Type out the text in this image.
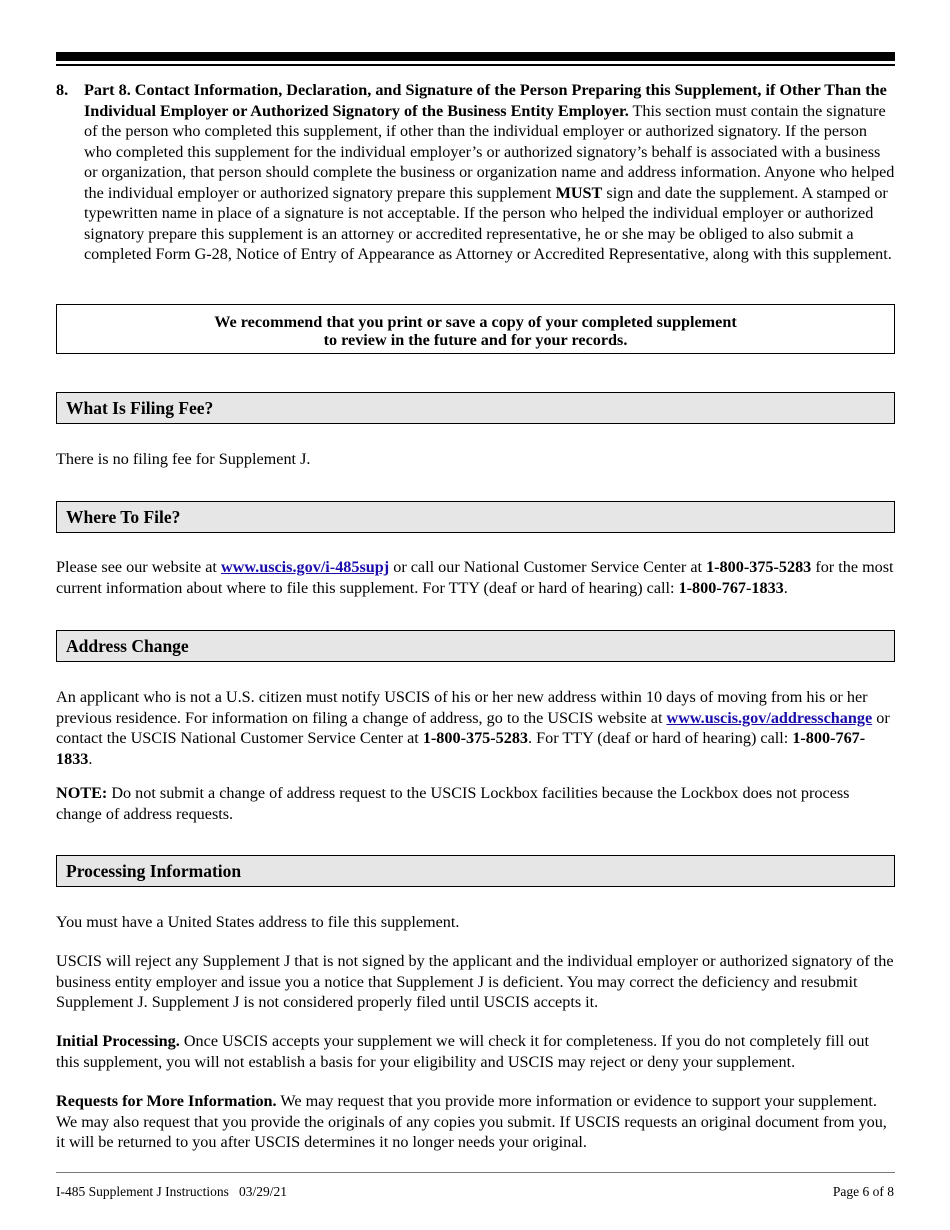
8. Part 8. Contact Information, Declaration, and Signature of the Person Preparing this Supplement, if Other Than the Individual Employer or Authorized Signatory of the Business Entity Employer. This section must contain the signature of the person who completed this supplement, if other than the individual employer or authorized signatory. If the person who completed this supplement for the individual employer’s or authorized signatory’s behalf is associated with a business or organization, that person should complete the business or organization name and address information. Anyone who helped the individual employer or authorized signatory prepare this supplement MUST sign and date the supplement. A stamped or typewritten name in place of a signature is not acceptable. If the person who helped the individual employer or authorized signatory prepare this supplement is an attorney or accredited representative, he or she may be obliged to also submit a completed Form G-28, Notice of Entry of Appearance as Attorney or Accredited Representative, along with this supplement.
We recommend that you print or save a copy of your completed supplement
to review in the future and for your records.
What Is Filing Fee?
There is no filing fee for Supplement J.
Where To File?
Please see our website at www.uscis.gov/i-485supj or call our National Customer Service Center at 1-800-375-5283 for the most current information about where to file this supplement. For TTY (deaf or hard of hearing) call: 1-800-767-1833.
Address Change
An applicant who is not a U.S. citizen must notify USCIS of his or her new address within 10 days of moving from his or her previous residence. For information on filing a change of address, go to the USCIS website at www.uscis.gov/addresschange or contact the USCIS National Customer Service Center at 1-800-375-5283. For TTY (deaf or hard of hearing) call: 1-800-767-1833.
NOTE: Do not submit a change of address request to the USCIS Lockbox facilities because the Lockbox does not process change of address requests.
Processing Information
You must have a United States address to file this supplement.
USCIS will reject any Supplement J that is not signed by the applicant and the individual employer or authorized signatory of the business entity employer and issue you a notice that Supplement J is deficient. You may correct the deficiency and resubmit Supplement J. Supplement J is not considered properly filed until USCIS accepts it.
Initial Processing. Once USCIS accepts your supplement we will check it for completeness. If you do not completely fill out this supplement, you will not establish a basis for your eligibility and USCIS may reject or deny your supplement.
Requests for More Information. We may request that you provide more information or evidence to support your supplement. We may also request that you provide the originals of any copies you submit. If USCIS requests an original document from you, it will be returned to you after USCIS determines it no longer needs your original.
I-485 Supplement J Instructions   03/29/21	Page 6 of 8
